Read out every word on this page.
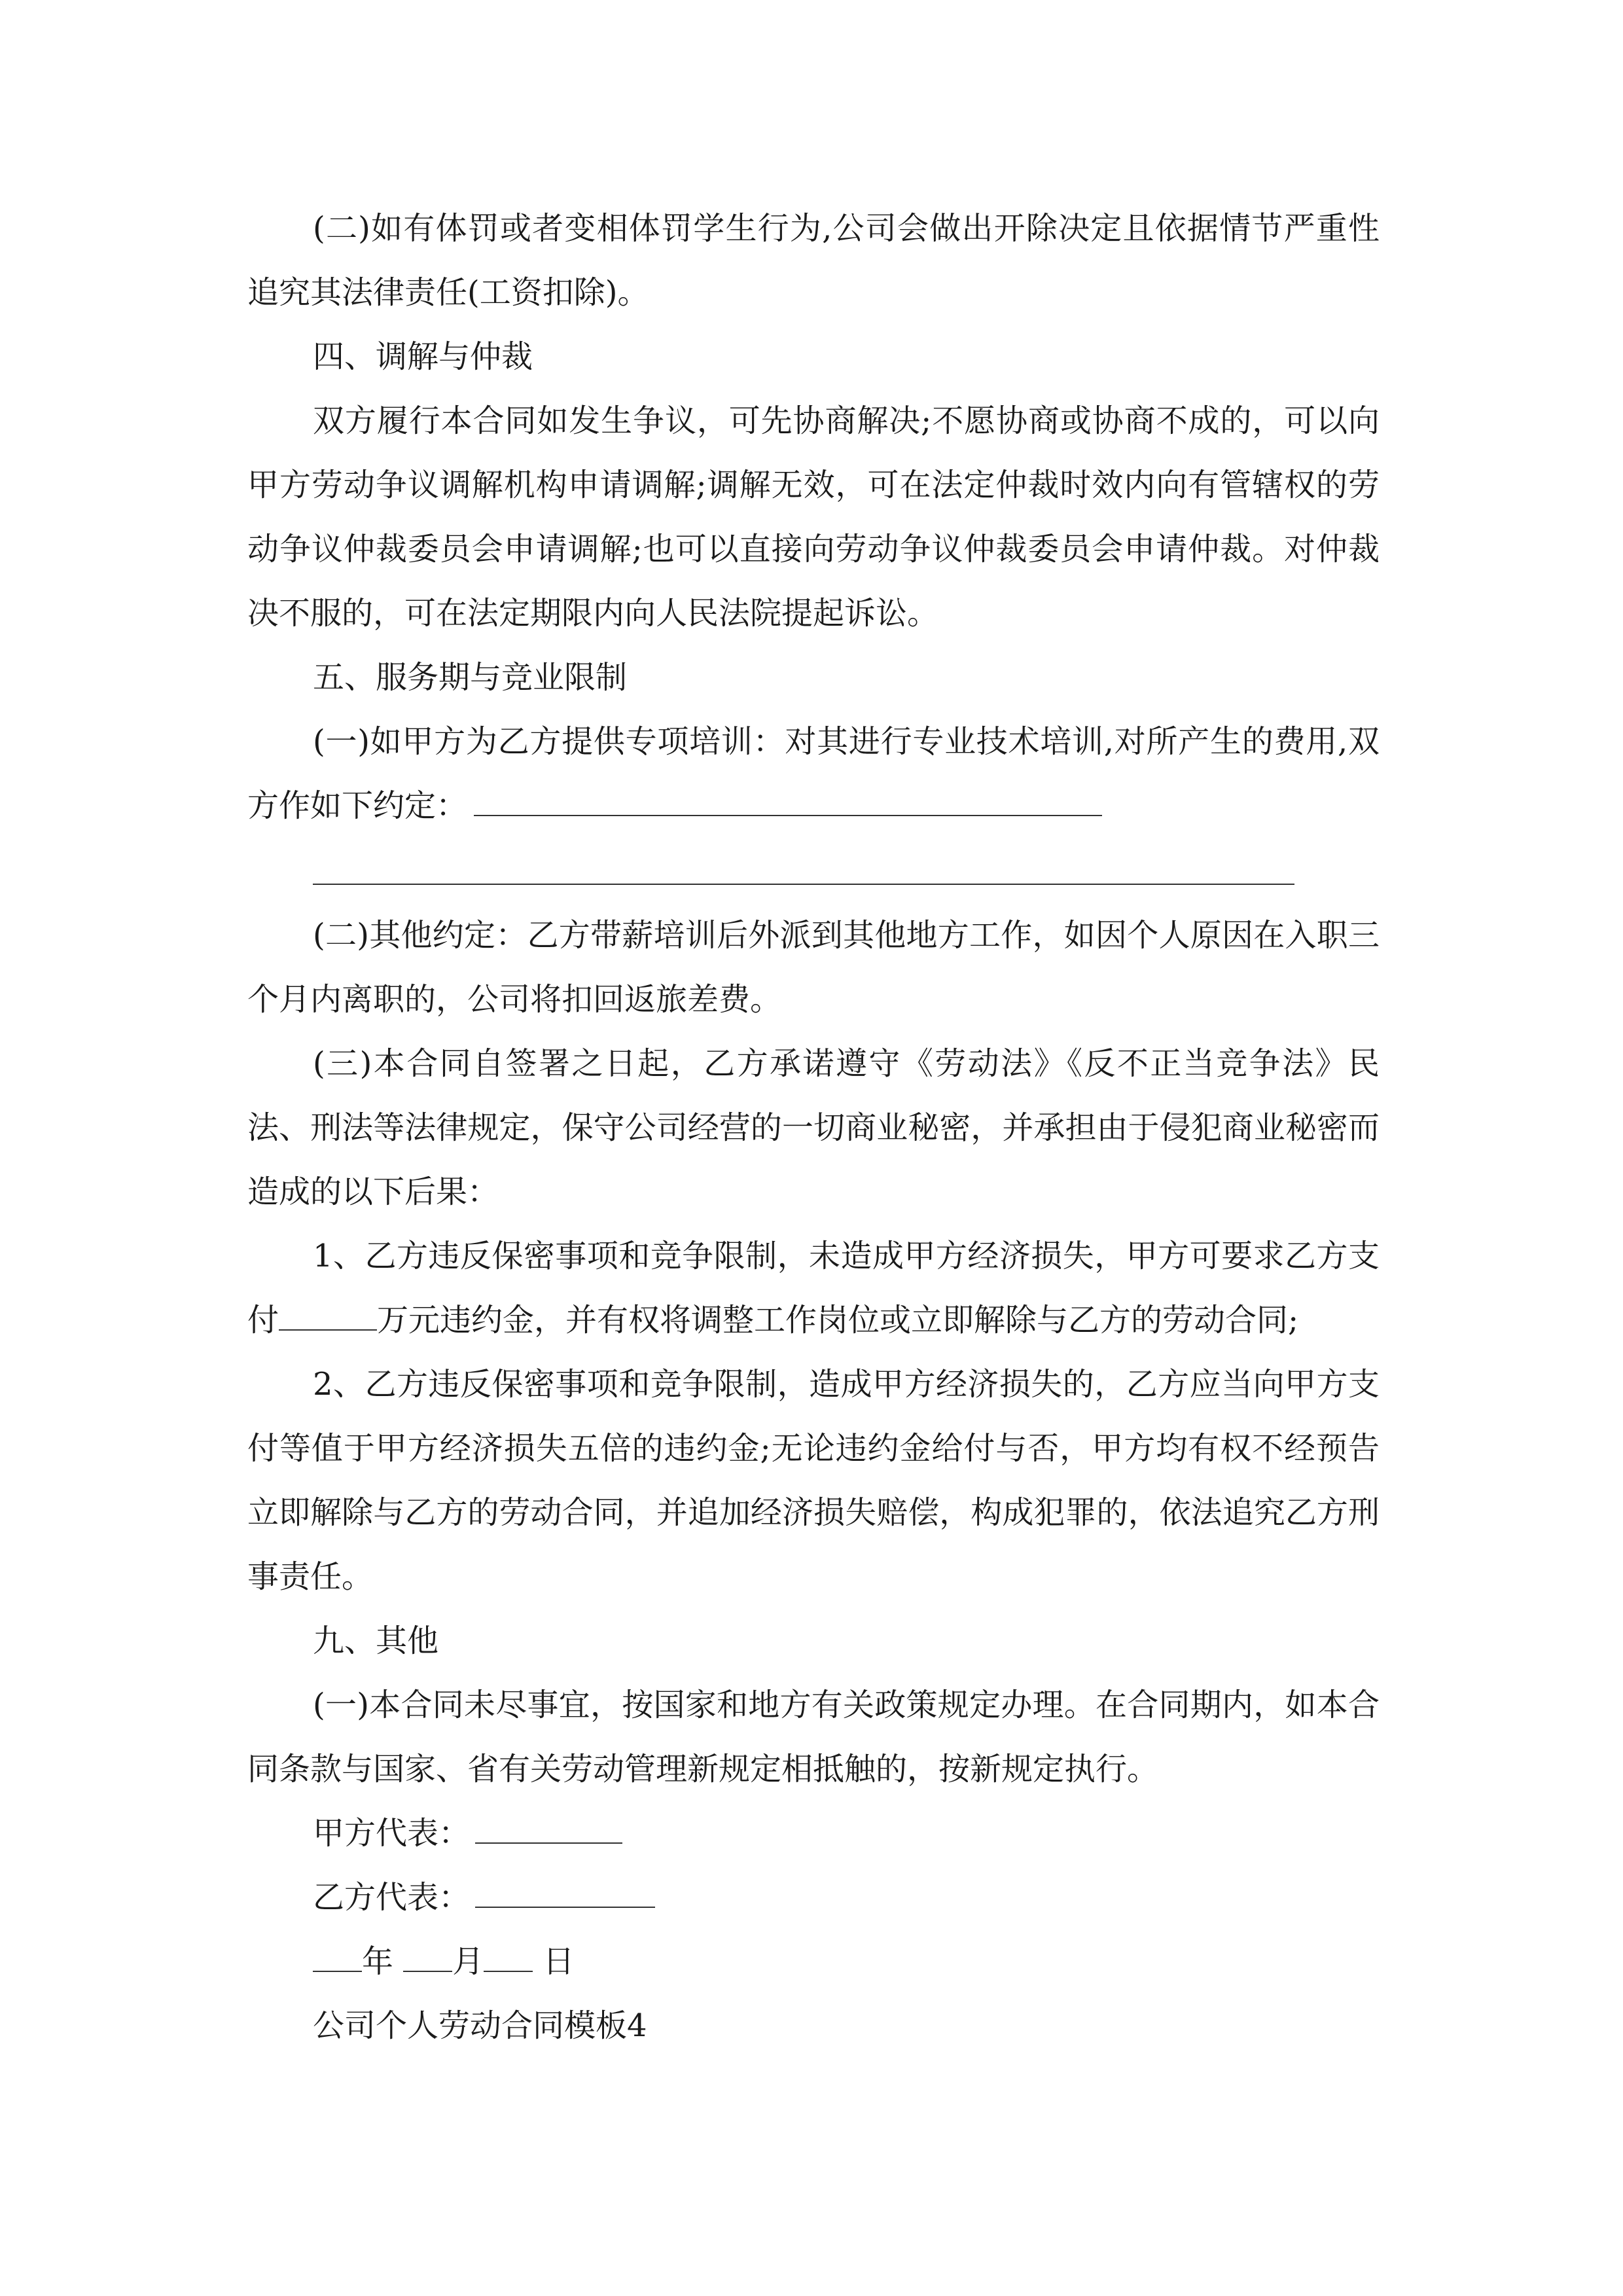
(二)如有体罚或者变相体罚学生行为,公司会做出开除决定且依据情节严重性追究其法律责任(工资扣除)。

四、调解与仲裁

双方履行本合同如发生争议，可先协商解决;不愿协商或协商不成的，可以向甲方劳动争议调解机构申请调解;调解无效，可在法定仲裁时效内向有管辖权的劳动争议仲裁委员会申请调解;也可以直接向劳动争议仲裁委员会申请仲裁。对仲裁决不服的，可在法定期限内向人民法院提起诉讼。

五、服务期与竞业限制

(一)如甲方为乙方提供专项培训：对其进行专业技术培训,对所产生的费用,双方作如下约定：

(二)其他约定：乙方带薪培训后外派到其他地方工作，如因个人原因在入职三个月内离职的，公司将扣回返旅差费。

(三)本合同自签署之日起，乙方承诺遵守《劳动法》《反不正当竞争法》民法、刑法等法律规定，保守公司经营的一切商业秘密，并承担由于侵犯商业秘密而造成的以下后果：

1、乙方违反保密事项和竞争限制，未造成甲方经济损失，甲方可要求乙方支付	万元违约金，并有权将调整工作岗位或立即解除与乙方的劳动合同;

2、乙方违反保密事项和竞争限制，造成甲方经济损失的，乙方应当向甲方支付等值于甲方经济损失五倍的违约金;无论违约金给付与否，甲方均有权不经预告立即解除与乙方的劳动合同，并追加经济损失赔偿，构成犯罪的，依法追究乙方刑事责任。

九、其他

(一)本合同未尽事宜，按国家和地方有关政策规定办理。在合同期内，如本合同条款与国家、省有关劳动管理新规定相抵触的，按新规定执行。

甲方代表：

乙方代表：

年 月 日

公司个人劳动合同模板4
